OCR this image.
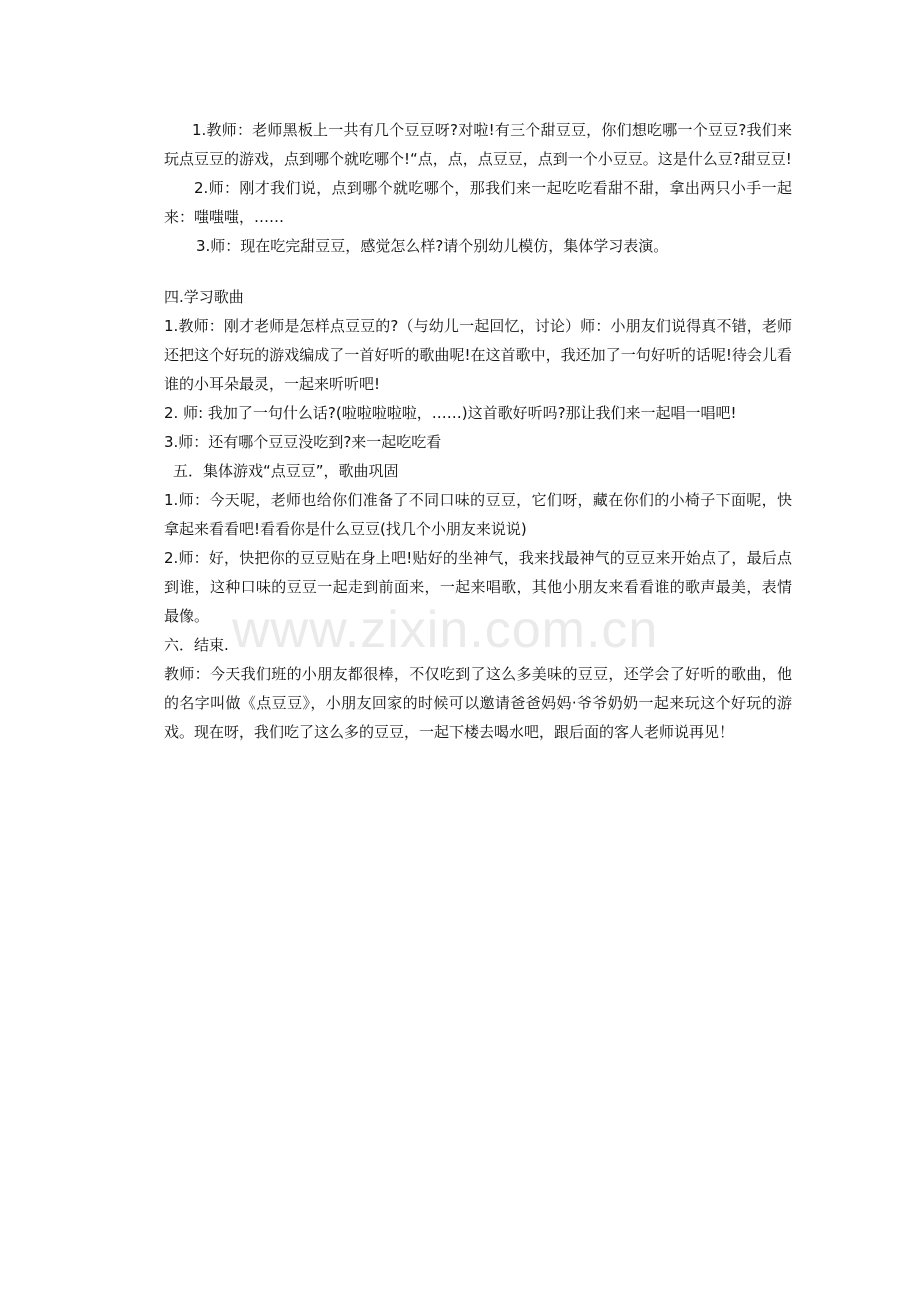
www.zixin.com.cn

1.教师：老师黑板上一共有几个豆豆呀?对啦!有三个甜豆豆，你们想吃哪一个豆豆?我们来玩点豆豆的游戏，点到哪个就吃哪个!“点，点，点豆豆，点到一个小豆豆。这是什么豆?甜豆豆!

2.师：刚才我们说，点到哪个就吃哪个，那我们来一起吃吃看甜不甜，拿出两只小手一起来：嗤嗤嗤，……

3.师：现在吃完甜豆豆，感觉怎么样?请个别幼儿模仿，集体学习表演。

四.学习歌曲

1.教师：刚才老师是怎样点豆豆的?（与幼儿一起回忆，讨论）师：小朋友们说得真不错，老师还把这个好玩的游戏编成了一首好听的歌曲呢!在这首歌中，我还加了一句好听的话呢!待会儿看谁的小耳朵最灵，一起来听听吧!

2. 师: 我加了一句什么话?(啦啦啦啦啦，……)这首歌好听吗?那让我们来一起唱一唱吧!

3.师：还有哪个豆豆没吃到?来一起吃吃看

五．集体游戏“点豆豆”，歌曲巩固

1.师：今天呢，老师也给你们准备了不同口味的豆豆，它们呀，藏在你们的小椅子下面呢，快拿起来看看吧!看看你是什么豆豆(找几个小朋友来说说)

2.师：好，快把你的豆豆贴在身上吧!贴好的坐神气，我来找最神气的豆豆来开始点了，最后点到谁，这种口味的豆豆一起走到前面来，一起来唱歌，其他小朋友来看看谁的歌声最美，表情最像。

六．结束.

教师：今天我们班的小朋友都很棒，不仅吃到了这么多美味的豆豆，还学会了好听的歌曲，他的名字叫做《点豆豆》，小朋友回家的时候可以邀请爸爸妈妈·爷爷奶奶一起来玩这个好玩的游戏。现在呀，我们吃了这么多的豆豆，一起下楼去喝水吧，跟后面的客人老师说再见！
